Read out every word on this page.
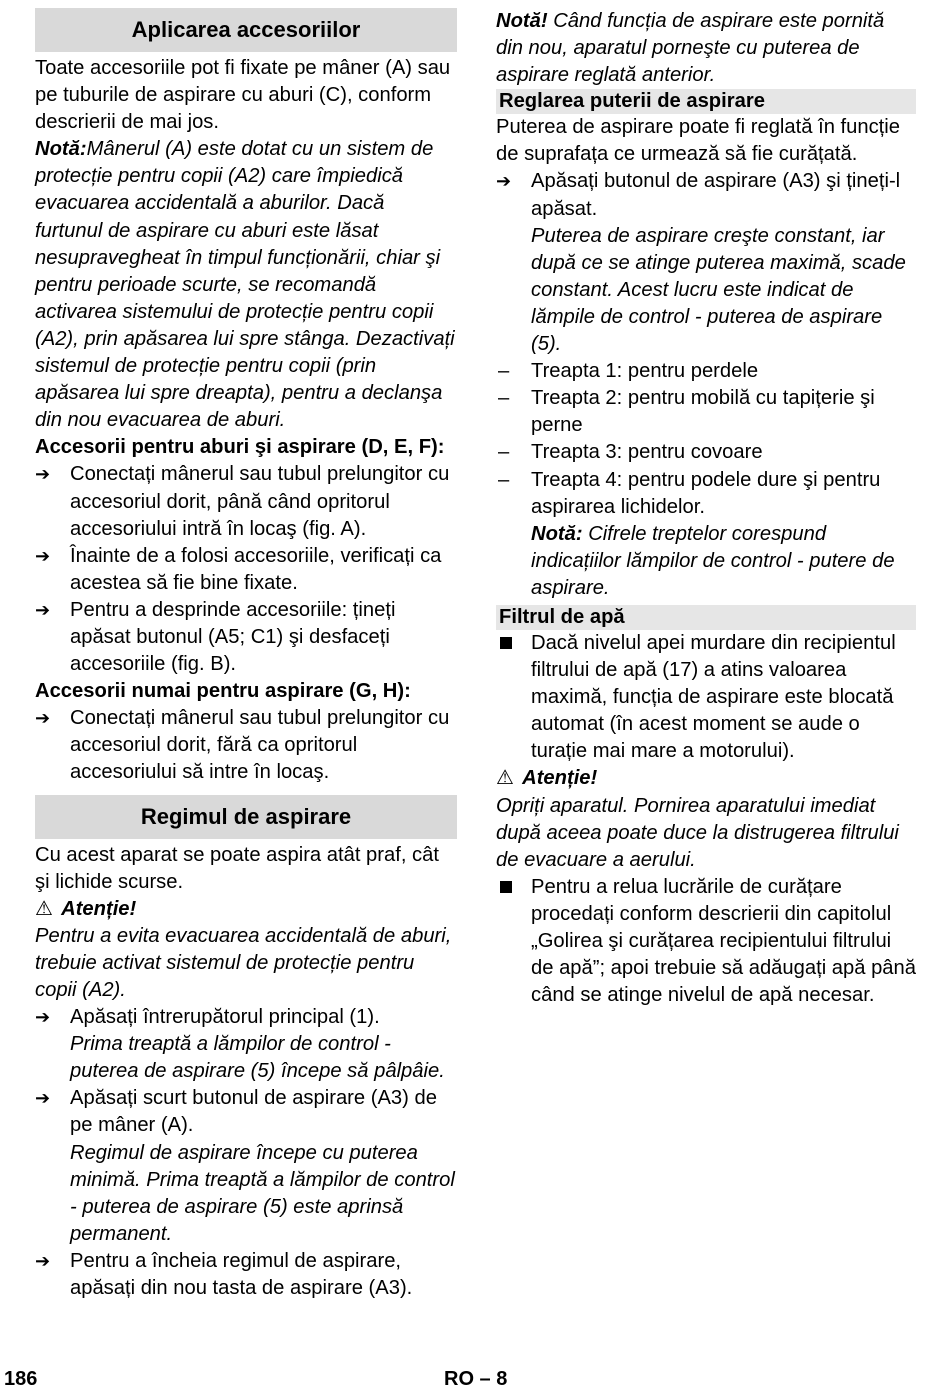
Aplicarea accesoriilor

Toate accesoriile pot fi fixate pe mâner (A) sau pe tuburile de aspirare cu aburi (C), conform descrierii de mai jos.

Notă:Mânerul (A) este dotat cu un sistem de protecție pentru copii (A2) care împiedică evacuarea accidentală a aburilor. Dacă furtunul de aspirare cu aburi este lăsat nesupravegheat în timpul funcționării, chiar şi pentru perioade scurte, se recomandă activarea sistemului de protecție pentru copii (A2), prin apăsarea lui spre stânga. Dezactivați sistemul de protecție pentru copii (prin apăsarea lui spre dreapta), pentru a declanşa din nou evacuarea de aburi.

Accesorii pentru aburi şi aspirare (D, E, F):

➔ Conectați mânerul sau tubul prelungitor cu accesoriul dorit, până când opritorul accesoriului intră în locaş (fig. A).
➔ Înainte de a folosi accesoriile, verificați ca acestea să fie bine fixate.
➔ Pentru a desprinde accesoriile: țineți apăsat butonul (A5; C1) şi desfaceți accesoriile (fig. B).

Accesorii numai pentru aspirare (G, H):

➔ Conectați mânerul sau tubul prelungitor cu accesoriul dorit, fără ca opritorul accesoriului să intre în locaş.
Regimul de aspirare

Cu acest aparat se poate aspira atât praf, cât şi lichide scurse.

⚠ Atenție!

Pentru a evita evacuarea accidentală de aburi, trebuie activat sistemul de protecție pentru copii (A2).

➔ Apăsați întrerupătorul principal (1).
Prima treaptă a lămpilor de control - puterea de aspirare (5) începe să pâlpâie.
➔ Apăsați scurt butonul de aspirare (A3) de pe mâner (A).
Regimul de aspirare începe cu puterea minimă. Prima treaptă a lămpilor de control - puterea de aspirare (5) este aprinsă permanent.
➔ Pentru a încheia regimul de aspirare, apăsați din nou tasta de aspirare (A3).

Notă! Când funcția de aspirare este pornită din nou, aparatul porneşte cu puterea de aspirare reglată anterior.

Reglarea puterii de aspirare

Puterea de aspirare poate fi reglată în funcție de suprafața ce urmează să fie curățată.

➔ Apăsați butonul de aspirare (A3) şi țineți-l apăsat.
Puterea de aspirare creşte constant, iar după ce se atinge puterea maximă, scade constant. Acest lucru este indicat de lămpile de control - puterea de aspirare (5).
–	Treapta 1: pentru perdele
–	Treapta 2: pentru mobilă cu tapițerie şi perne
–	Treapta 3: pentru covoare
–	Treapta 4: pentru podele dure şi pentru aspirarea lichidelor.
Notă: Cifrele treptelor corespund indicațiilor lămpilor de control - putere de aspirare.
Filtrul de apă
Dacă nivelul apei murdare din recipientul filtrului de apă (17) a atins valoarea maximă, funcția de aspirare este blocată automat (în acest moment se aude o turație mai mare a motorului).

⚠ Atenție!

Opriți aparatul. Pornirea aparatului imediat după aceea poate duce la distrugerea filtrului de evacuare a aerului.

Pentru a relua lucrările de curățare procedați conform descrierii din capitolul „Golirea şi curățarea recipientului filtrului de apă”; apoi trebuie să adăugați apă până când se atinge nivelul de apă necesar.
186	RO – 8
